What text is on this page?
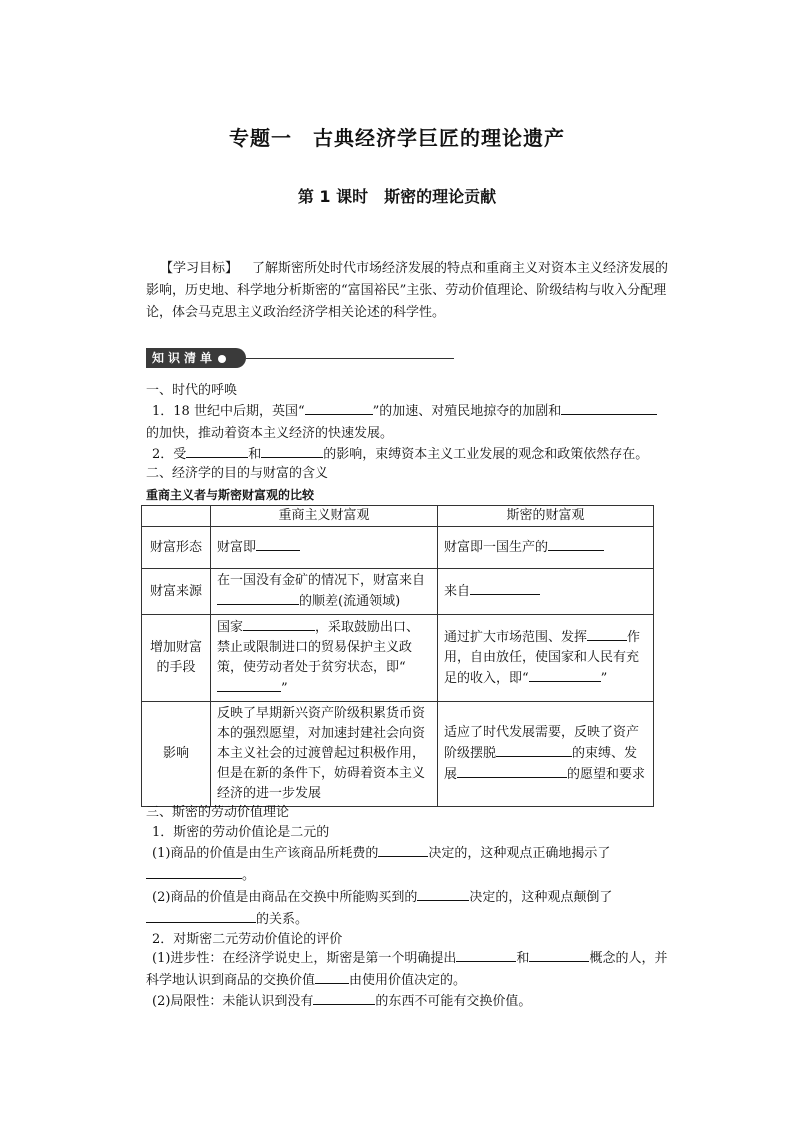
专题一　古典经济学巨匠的理论遗产
第 1 课时　斯密的理论贡献

【学习目标】 了解斯密所处时代市场经济发展的特点和重商主义对资本主义经济发展的影响，历史地、科学地分析斯密的“富国裕民”主张、劳动价值理论、阶级结构与收入分配理论，体会马克思主义政治经济学相关论述的科学性。

知识清单
一、时代的呼唤

1．18 世纪中后期，英国“	”的加速、对殖民地掠夺的加剧和
的加快，推动着资本主义经济的快速发展。

2．受	和	的影响，束缚资本主义工业发展的观念和政策依然存在。
二、经济学的目的与财富的含义
重商主义者与斯密财富观的比较
	重商主义财富观	斯密的财富观
财富形态	财富即	财富即一国生产的
财富来源	在一国没有金矿的情况下，财富来自
的顺差(流通领域)	来自
增加财富的手段	国家 ，采取鼓励出口、禁止或限制进口的贸易保护主义政策，使劳动者处于贫穷状态，即“”	通过扩大市场范围、发挥 作用，自由放任，使国家和人民有充足的收入，即“ ”
影响	反映了早期新兴资产阶级积累货币资本的强烈愿望，对加速封建社会向资本主义社会的过渡曾起过积极作用，但是在新的条件下，妨碍着资本主义经济的进一步发展	适应了时代发展需要，反映了资产阶级摆脱 的束缚、发展 的愿望和要求
三、斯密的劳动价值理论
1．斯密的劳动价值论是二元的

(1)商品的价值是由生产该商品所耗费的	决定的，这种观点正确地揭示了
。

(2)商品的价值是由商品在交换中所能购买到的	决定的，这种观点颠倒了
的关系。

2．对斯密二元劳动价值论的评价

(1)进步性：在经济学说史上，斯密是第一个明确提出	和	概念的人，并科学地认识到商品的交换价值	由使用价值决定的。

(2)局限性：未能认识到没有	的东西不可能有交换价值。
